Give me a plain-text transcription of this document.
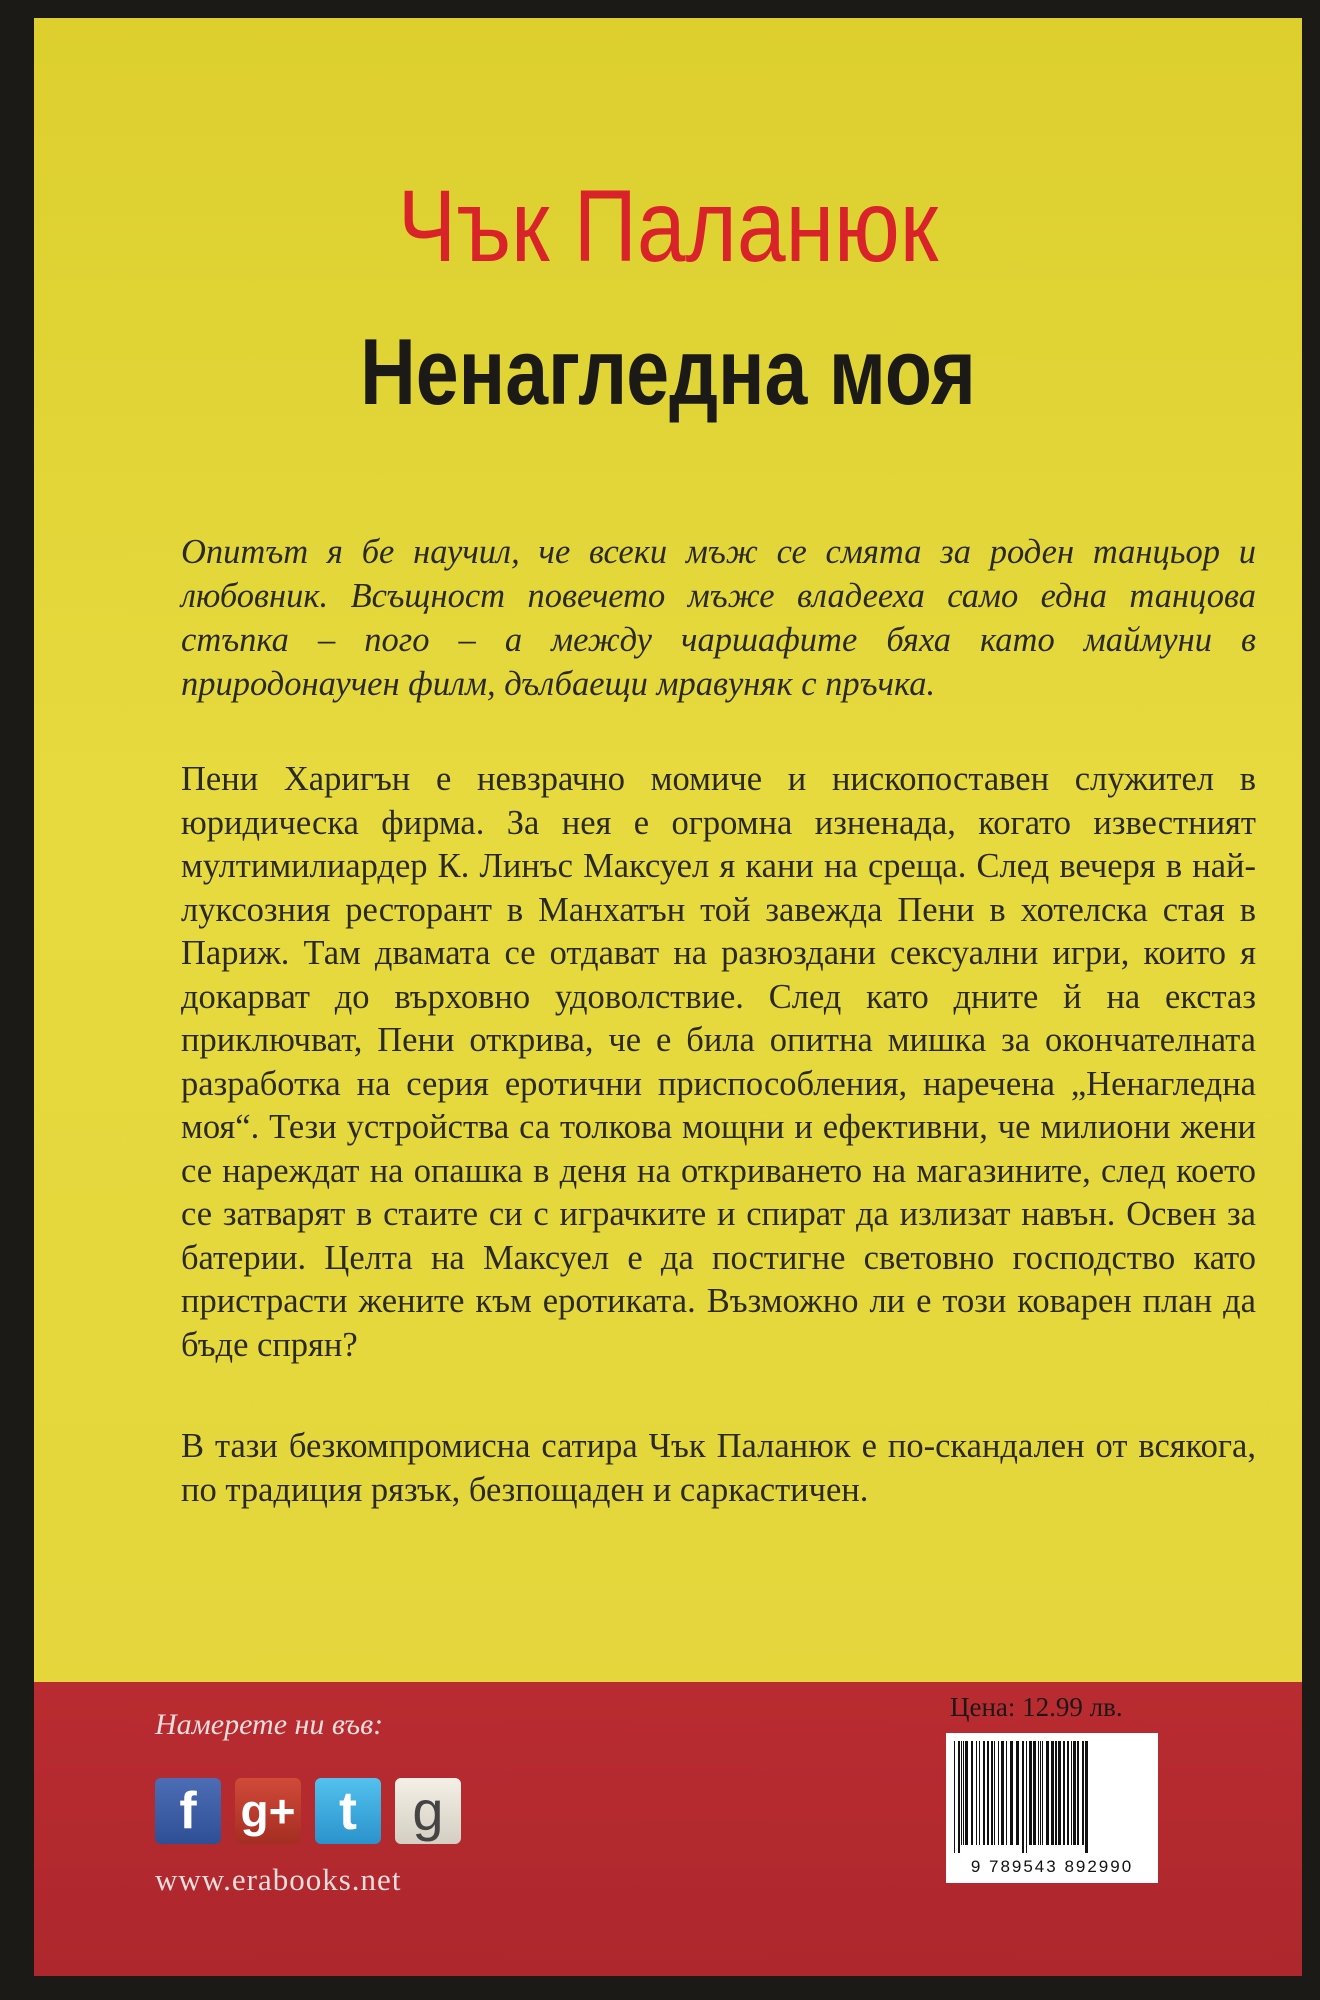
Чък Паланюк
Ненагледна моя
Опитът я бе научил, че всеки мъж се смята за роден танцьор и любовник. Всъщност повечето мъже владееха само една танцова стъпка – пого – а между чаршафите бяха като маймуни в природонаучен филм, дълбаещи мравуняк с пръчка.
Пени Харигън е невзрачно момиче и нископоставен служител в юридическа фирма. За нея е огромна изненада, когато известният мултимилиардер К. Линъс Максуел я кани на среща. След вечеря в най-луксозния ресторант в Манхатън той завежда Пени в хотелска стая в Париж. Там двамата се отдават на разюздани сексуални игри, които я докарват до върховно удоволствие. След като дните й на екстаз приключват, Пени открива, че е била опитна мишка за окончателната разработка на серия еротични приспособления, наречена „Ненагледна моя“. Тези устройства са толкова мощни и ефективни, че милиони жени се нареждат на опашка в деня на откриването на магазините, след което се затварят в стаите си с играчките и спират да излизат навън. Освен за батерии. Целта на Максуел е да постигне световно господство като пристрасти жените към еротиката. Възможно ли е този коварен план да бъде спрян?
В тази безкомпромисна сатира Чък Паланюк е по-скандален от всякога, по традиция рязък, безпощаден и саркастичен.
Намерете ни във:
f g+ t g
www.erabooks.net
Цена: 12.99 лв.
9 789543 892990
